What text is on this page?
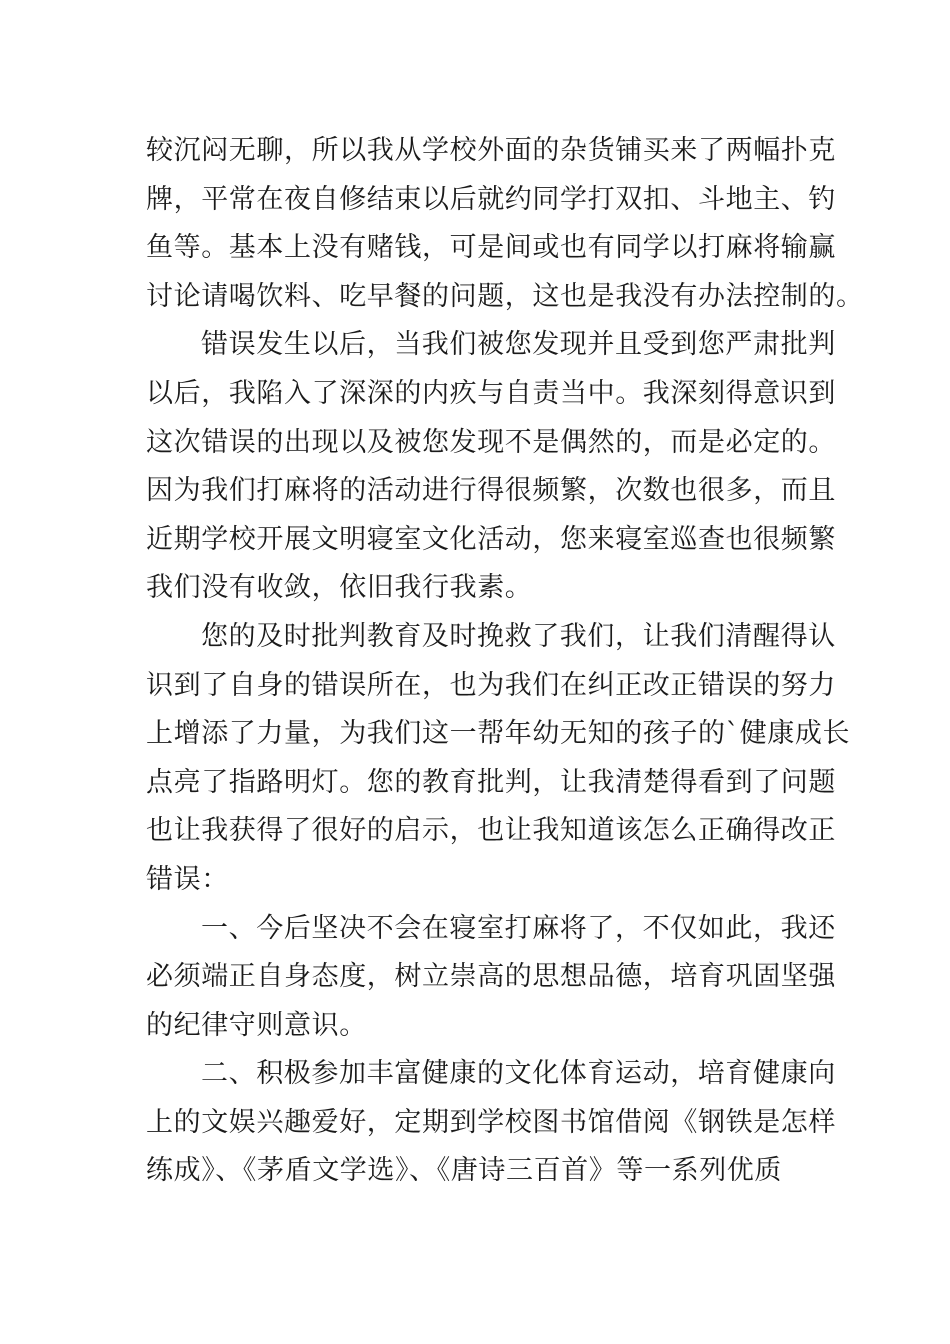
较沉闷无聊，所以我从学校外面的杂货铺买来了两幅扑克
牌，平常在夜自修结束以后就约同学打双扣、斗地主、钓
鱼等。基本上没有赌钱，可是间或也有同学以打麻将输赢
讨论请喝饮料、吃早餐的问题，这也是我没有办法控制的。
错误发生以后，当我们被您发现并且受到您严肃批判
以后，我陷入了深深的内疚与自责当中。我深刻得意识到
这次错误的出现以及被您发现不是偶然的，而是必定的。
因为我们打麻将的活动进行得很频繁，次数也很多，而且
近期学校开展文明寝室文化活动，您来寝室巡查也很频繁
我们没有收敛，依旧我行我素。
您的及时批判教育及时挽救了我们，让我们清醒得认
识到了自身的错误所在，也为我们在纠正改正错误的努力
上增添了力量，为我们这一帮年幼无知的孩子的`健康成长
点亮了指路明灯。您的教育批判，让我清楚得看到了问题
也让我获得了很好的启示，也让我知道该怎么正确得改正
错误：
一、今后坚决不会在寝室打麻将了，不仅如此，我还
必须端正自身态度，树立崇高的思想品德，培育巩固坚强
的纪律守则意识。
二、积极参加丰富健康的文化体育运动，培育健康向
上的文娱兴趣爱好，定期到学校图书馆借阅《钢铁是怎样
练成》、《茅盾文学选》、《唐诗三百首》等一系列优质
